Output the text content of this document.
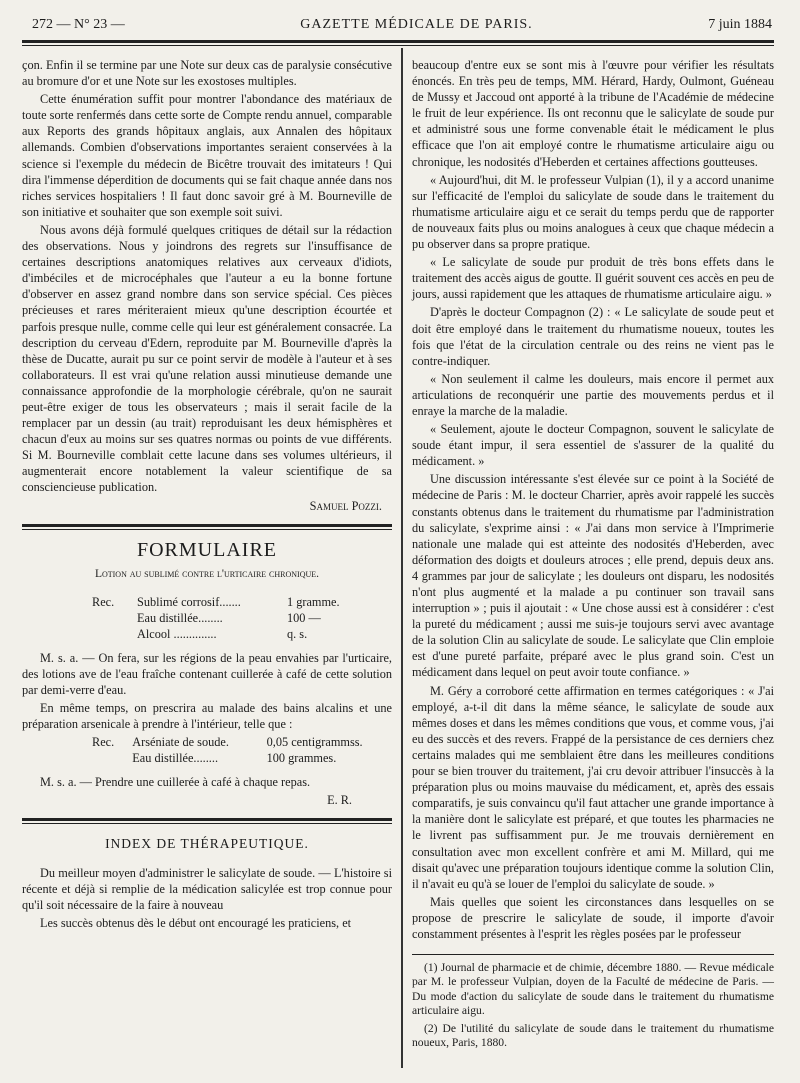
272 — N° 23 —	GAZETTE MÉDICALE DE PARIS.	7 juin 1884

çon. Enfin il se termine par une Note sur deux cas de paralysie consécutive au bromure d'or et une Note sur les exostoses multiples.

Cette énumération suffit pour montrer l'abondance des matériaux de toute sorte renfermés dans cette sorte de Compte rendu annuel, comparable aux Reports des grands hôpitaux anglais, aux Annalen des hôpitaux allemands. Combien d'observations importantes seraient conservées à la science si l'exemple du médecin de Bicêtre trouvait des imitateurs ! Qui dira l'immense déperdition de documents qui se fait chaque année dans nos riches services hospitaliers ! Il faut donc savoir gré à M. Bourneville de son initiative et souhaiter que son exemple soit suivi.

Nous avons déjà formulé quelques critiques de détail sur la rédaction des observations. Nous y joindrons des regrets sur l'insuffisance de certaines descriptions anatomiques relatives aux cerveaux d'idiots, d'imbéciles et de microcéphales que l'auteur a eu la bonne fortune d'observer en assez grand nombre dans son service spécial. Ces pièces précieuses et rares mériteraient mieux qu'une description écourtée et parfois presque nulle, comme celle qui leur est généralement consacrée. La description du cerveau d'Edern, reproduite par M. Bourneville d'après la thèse de Ducatte, aurait pu sur ce point servir de modèle à l'auteur et à ses collaborateurs. Il est vrai qu'une relation aussi minutieuse demande une connaissance approfondie de la morphologie cérébrale, qu'on ne saurait peut-être exiger de tous les observateurs ; mais il serait facile de la remplacer par un dessin (au trait) reproduisant les deux hémisphères et chacun d'eux au moins sur ses quatres normas ou points de vue différents. Si M. Bourneville comblait cette lacune dans ses volumes ultérieurs, il augmenterait encore notablement la valeur scientifique de sa consciencieuse publication.

Samuel Pozzi.
FORMULAIRE
Lotion au sublimé contre l'urticaire chronique.
Rec.	Sublimé corrosif.......	1 gramme.
Eau distillée........	100 —
Alcool ..............	q. s.

M. s. a. — On fera, sur les régions de la peau envahies par l'urticaire, des lotions ave de l'eau fraîche contenant cuillerée à café de cette solution par demi-verre d'eau.

En même temps, on prescrira au malade des bains alcalins et une préparation arsenicale à prendre à l'intérieur, telle que :

Rec.	Arséniate de soude.	0,05 centigrammss.
Eau distillée........	100 grammes.

M. s. a. — Prendre une cuillerée à café à chaque repas.

E. R.
INDEX DE THÉRAPEUTIQUE.

Du meilleur moyen d'administrer le salicylate de soude. — L'histoire si récente et déjà si remplie de la médication salicylée est trop connue pour qu'il soit nécessaire de la faire à nouveau

Les succès obtenus dès le début ont encouragé les praticiens, et

beaucoup d'entre eux se sont mis à l'œuvre pour vérifier les résultats énoncés. En très peu de temps, MM. Hérard, Hardy, Oulmont, Guéneau de Mussy et Jaccoud ont apporté à la tribune de l'Académie de médecine le fruit de leur expérience. Ils ont reconnu que le salicylate de soude pur et administré sous une forme convenable était le médicament le plus efficace que l'on ait employé contre le rhumatisme articulaire aigu ou chronique, les nodosités d'Heberden et certaines affections goutteuses.

« Aujourd'hui, dit M. le professeur Vulpian (1), il y a accord unanime sur l'efficacité de l'emploi du salicylate de soude dans le traitement du rhumatisme articulaire aigu et ce serait du temps perdu que de rapporter de nouveaux faits plus ou moins analogues à ceux que chaque médecin a pu observer dans sa propre pratique.

« Le salicylate de soude pur produit de très bons effets dans le traitement des accès aigus de goutte. Il guérit souvent ces accès en peu de jours, aussi rapidement que les attaques de rhumatisme articulaire aigu. »

D'après le docteur Compagnon (2) : « Le salicylate de soude peut et doit être employé dans le traitement du rhumatisme noueux, toutes les fois que l'état de la circulation centrale ou des reins ne vient pas le contre-indiquer.

« Non seulement il calme les douleurs, mais encore il permet aux articulations de reconquérir une partie des mouvements perdus et il enraye la marche de la maladie.

« Seulement, ajoute le docteur Compagnon, souvent le salicylate de soude étant impur, il sera essentiel de s'assurer de la qualité du médicament. »

Une discussion intéressante s'est élevée sur ce point à la Société de médecine de Paris : M. le docteur Charrier, après avoir rappelé les succès constants obtenus dans le traitement du rhumatisme par l'administration du salicylate, s'exprime ainsi : « J'ai dans mon service à l'Imprimerie nationale une malade qui est atteinte des nodosités d'Heberden, avec déformation des doigts et douleurs atroces ; elle prend, depuis deux ans. 4 grammes par jour de salicylate ; les douleurs ont disparu, les nodosités n'ont plus augmenté et la malade a pu continuer son travail sans interruption » ; puis il ajoutait : « Une chose aussi est à considérer : c'est la pureté du médicament ; aussi me suis-je toujours servi avec avantage de la solution Clin au salicylate de soude. Le salicylate que Clin emploie est d'une pureté parfaite, préparé avec le plus grand soin. C'est un médicament dans lequel on peut avoir toute confiance. »

M. Géry a corroboré cette affirmation en termes catégoriques : « J'ai employé, a-t-il dit dans la même séance, le salicylate de soude aux mêmes doses et dans les mêmes conditions que vous, et comme vous, j'ai eu des succès et des revers. Frappé de la persistance de ces derniers chez certains malades qui me semblaient être dans les meilleures conditions pour se bien trouver du traitement, j'ai cru devoir attribuer l'insuccès à la préparation plus ou moins mauvaise du médicament, et, après des essais comparatifs, je suis convaincu qu'il faut attacher une grande importance à la manière dont le salicylate est préparé, et que toutes les pharmacies ne le livrent pas suffisamment pur. Je me trouvais dernièrement en consultation avec mon excellent confrère et ami M. Millard, qui me disait qu'avec une préparation toujours identique comme la solution Clin, il n'avait eu qu'à se louer de l'emploi du salicylate de soude. »

Mais quelles que soient les circonstances dans lesquelles on se propose de prescrire le salicylate de soude, il importe d'avoir constamment présentes à l'esprit les règles posées par le professeur

(1) Journal de pharmacie et de chimie, décembre 1880. — Revue médicale par M. le professeur Vulpian, doyen de la Faculté de médecine de Paris. — Du mode d'action du salicylate de soude dans le traitement du rhumatisme articulaire aigu.

(2) De l'utilité du salicylate de soude dans le traitement du rhumatisme noueux, Paris, 1880.
